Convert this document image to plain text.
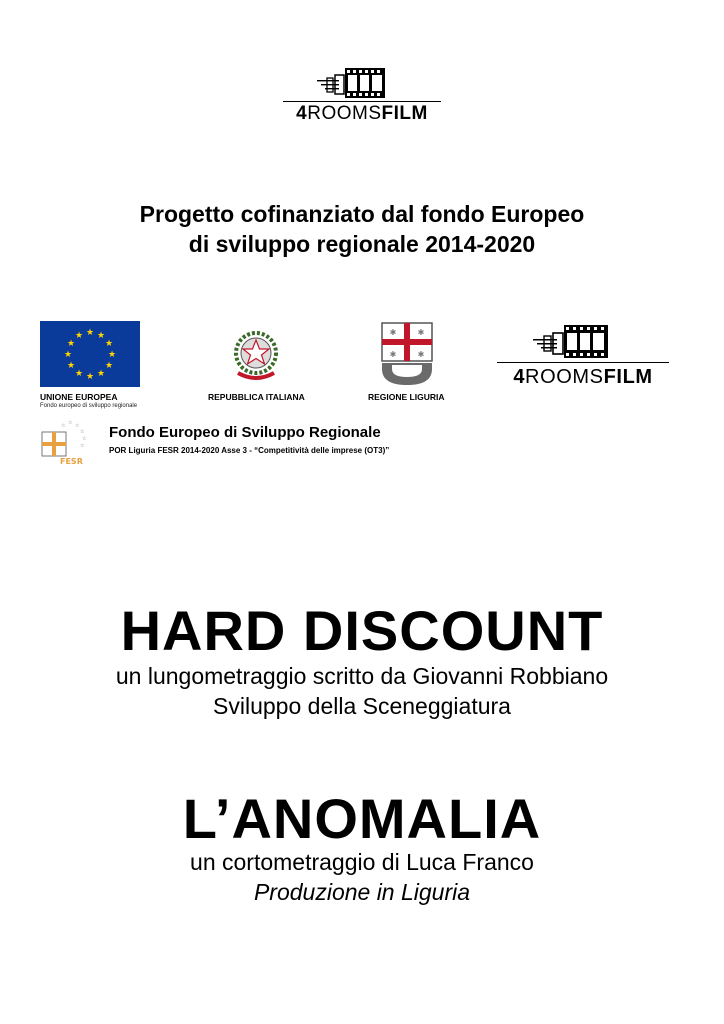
4ROOMSFILM
Progetto cofinanziato dal fondo Europeo
di sviluppo regionale 2014-2020
★ ★
★
★
★
★
★
★
★
★
★
★
UNIONE EUROPEA
Fondo europeo di sviluppo regionale
REPUBBLICA ITALIANA
✱	✱
✱	✱
REGIONE LIGURIA
4ROOMSFILM
☆ ☆
☆
☆
☆
☆
FESR
Fondo Europeo di Sviluppo Regionale
POR Liguria FESR 2014-2020 Asse 3 - “Competitività delle imprese (OT3)”
HARD DISCOUNT
un lungometraggio scritto da Giovanni Robbiano
Sviluppo della Sceneggiatura
L’ANOMALIA
un cortometraggio di Luca Franco
Produzione in Liguria
